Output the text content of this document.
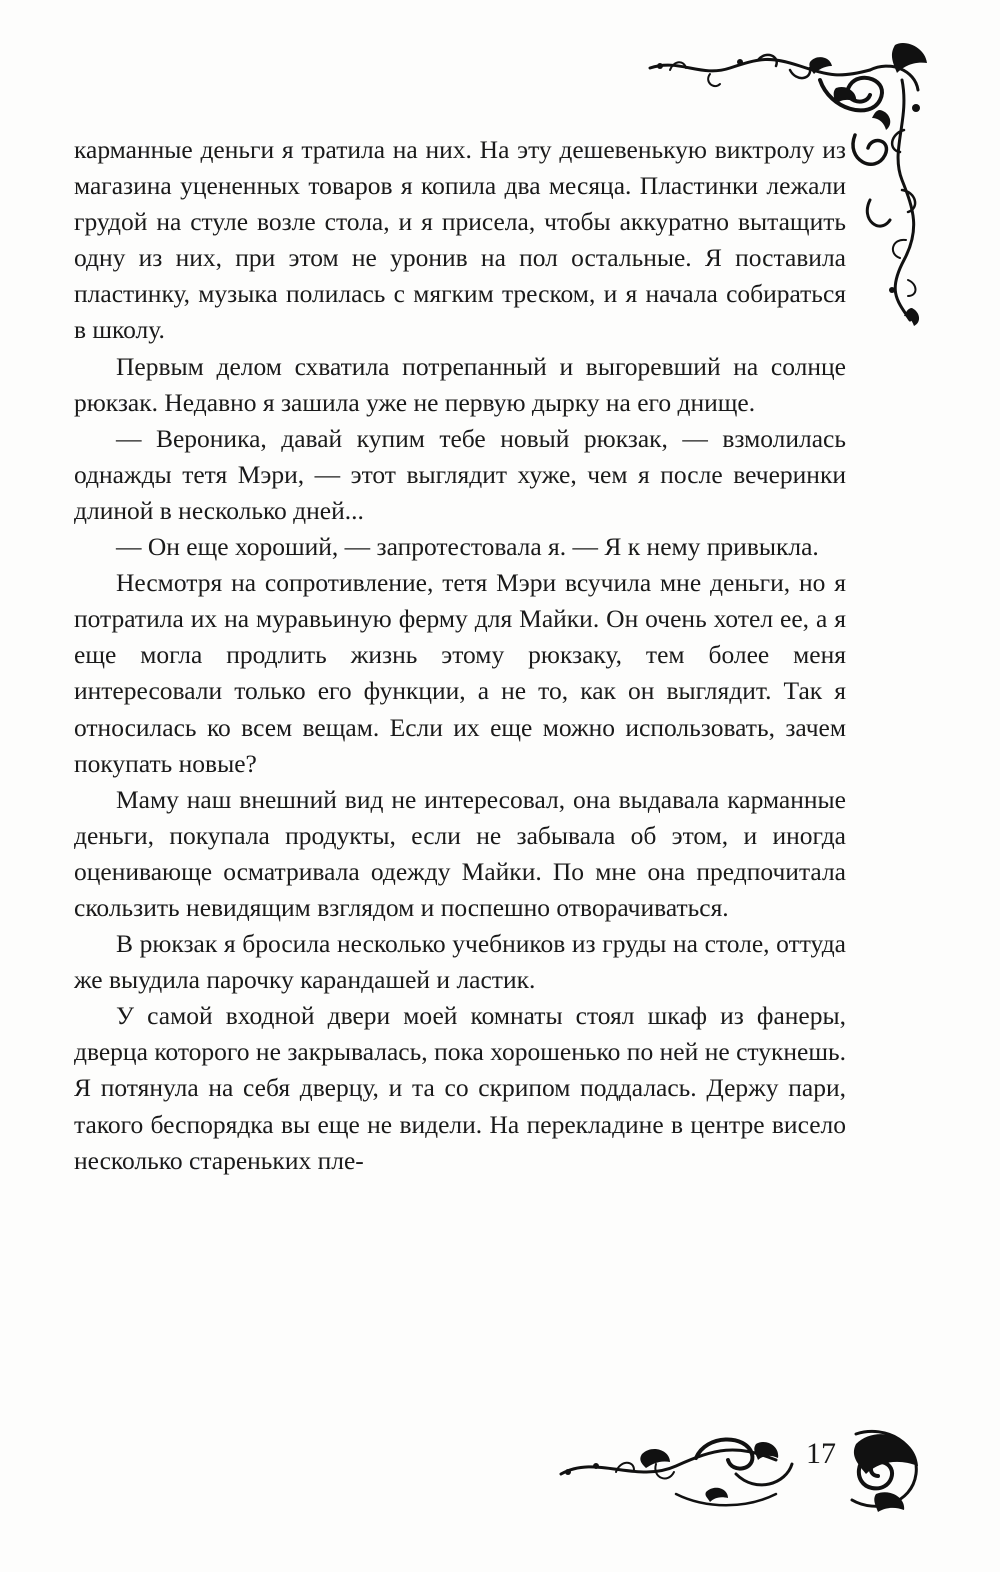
карманные деньги я тратила на них. На эту дешевенькую виктролу из магазина уцененных товаров я копила два месяца. Пластинки лежали грудой на стуле возле стола, и я присела, чтобы аккуратно вытащить одну из них, при этом не уронив на пол остальные. Я поставила пластинку, музыка полилась с мягким треском, и я начала собираться в школу.

Первым делом схватила потрепанный и выгоревший на солнце рюкзак. Недавно я зашила уже не первую дырку на его днище.

— Вероника, давай купим тебе новый рюкзак, — взмолилась однажды тетя Мэри, — этот выглядит хуже, чем я после вечеринки длиной в несколько дней...

— Он еще хороший, — запротестовала я. — Я к нему привыкла.

Несмотря на сопротивление, тетя Мэри всучила мне деньги, но я потратила их на муравьиную ферму для Майки. Он очень хотел ее, а я еще могла продлить жизнь этому рюкзаку, тем более меня интересовали только его функции, а не то, как он выглядит. Так я относилась ко всем вещам. Если их еще можно использовать, зачем покупать новые?

Маму наш внешний вид не интересовал, она выдавала карманные деньги, покупала продукты, если не забывала об этом, и иногда оценивающе осматривала одежду Майки. По мне она предпочитала скользить невидящим взглядом и поспешно отворачиваться.

В рюкзак я бросила несколько учебников из груды на столе, оттуда же выудила парочку карандашей и ластик.

У самой входной двери моей комнаты стоял шкаф из фанеры, дверца которого не закрывалась, пока хорошенько по ней не стукнешь. Я потянула на себя дверцу, и та со скрипом поддалась. Держу пари, такого беспорядка вы еще не видели. На перекладине в центре висело несколько стареньких пле-

17
